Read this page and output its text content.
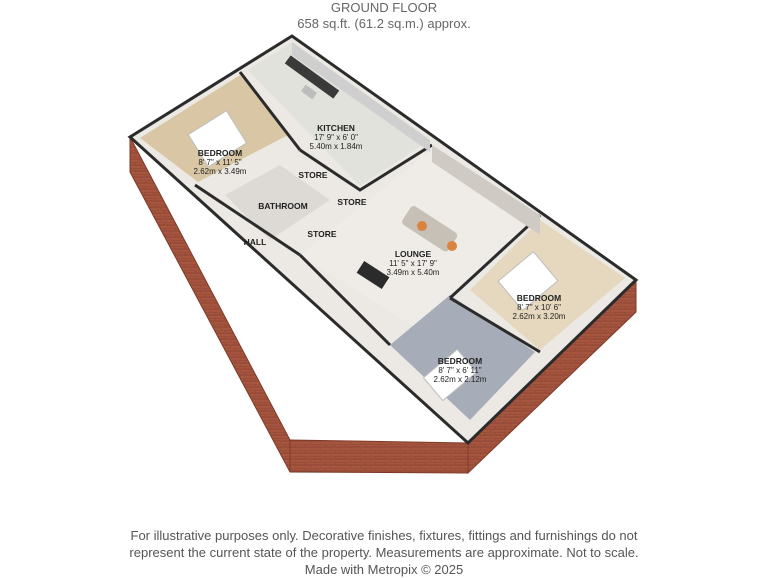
GROUND FLOOR
658 sq.ft. (61.2 sq.m.) approx.
BEDROOM
8' 7" x 11' 5"
2.62m x 3.49m
KITCHEN
17' 9" x 6' 0"
5.40m x 1.84m
LOUNGE
11' 5" x 17' 9"
3.49m x 5.40m
BEDROOM
8' 7" x 10' 6"
2.62m x 3.20m
BEDROOM
8' 7" x 6' 11"
2.62m x 2.12m
BATHROOM
HALL
STORE
STORE
STORE
For illustrative purposes only. Decorative finishes, fixtures, fittings and furnishings do not
represent the current state of the property. Measurements are approximate. Not to scale.
Made with Metropix © 2025
